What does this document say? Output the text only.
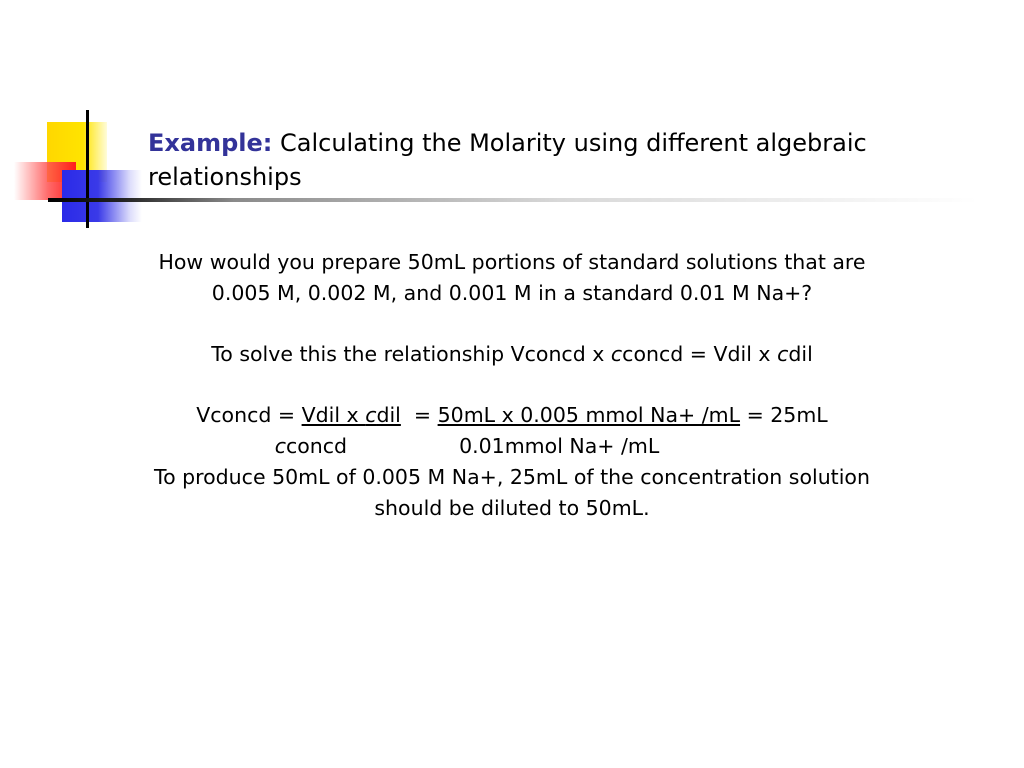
Example: Calculating the Molarity using different algebraic relationships
How would you prepare 50mL portions of standard solutions that are
0.005 M, 0.002 M, and 0.001 M in a standard 0.01 M Na+?
To solve this the relationship Vconcd x cconcd = Vdil x cdil
Vconcd = Vdil x cdil  = 50mL x 0.005 mmol Na+ /mL = 25mL
cconcd	0.01mmol Na+ /mL
To produce 50mL of 0.005 M Na+, 25mL of the concentration solution
should be diluted to 50mL.
